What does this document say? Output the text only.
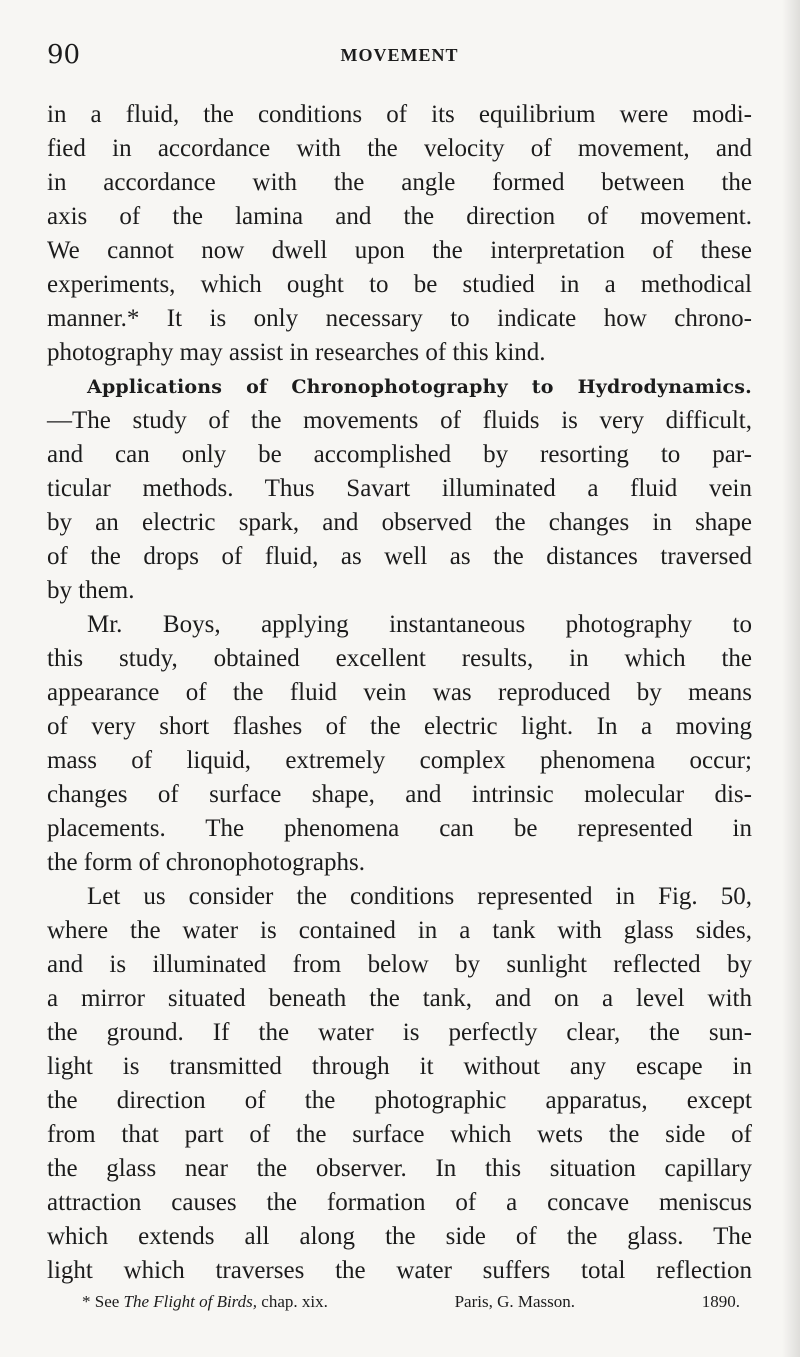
90	MOVEMENT
in a fluid, the conditions of its equilibrium were modi-
fied in accordance with the velocity of movement, and
in accordance with the angle formed between the
axis of the lamina and the direction of movement.
We cannot now dwell upon the interpretation of these
experiments, which ought to be studied in a methodical
manner.* It is only necessary to indicate how chrono-
photography may assist in researches of this kind.
Applications of Chronophotography to Hydrodynamics.
—The study of the movements of fluids is very difficult,
and can only be accomplished by resorting to par-
ticular methods. Thus Savart illuminated a fluid vein
by an electric spark, and observed the changes in shape
of the drops of fluid, as well as the distances traversed
by them.
Mr. Boys, applying instantaneous photography to
this study, obtained excellent results, in which the
appearance of the fluid vein was reproduced by means
of very short flashes of the electric light. In a moving
mass of liquid, extremely complex phenomena occur;
changes of surface shape, and intrinsic molecular dis-
placements. The phenomena can be represented in
the form of chronophotographs.
Let us consider the conditions represented in Fig. 50,
where the water is contained in a tank with glass sides,
and is illuminated from below by sunlight reflected by
a mirror situated beneath the tank, and on a level with
the ground. If the water is perfectly clear, the sun-
light is transmitted through it without any escape in
the direction of the photographic apparatus, except
from that part of the surface which wets the side of
the glass near the observer. In this situation capillary
attraction causes the formation of a concave meniscus
which extends all along the side of the glass. The
light which traverses the water suffers total reflection
* See The Flight of Birds, chap. xix.	Paris, G. Masson.	1890.
